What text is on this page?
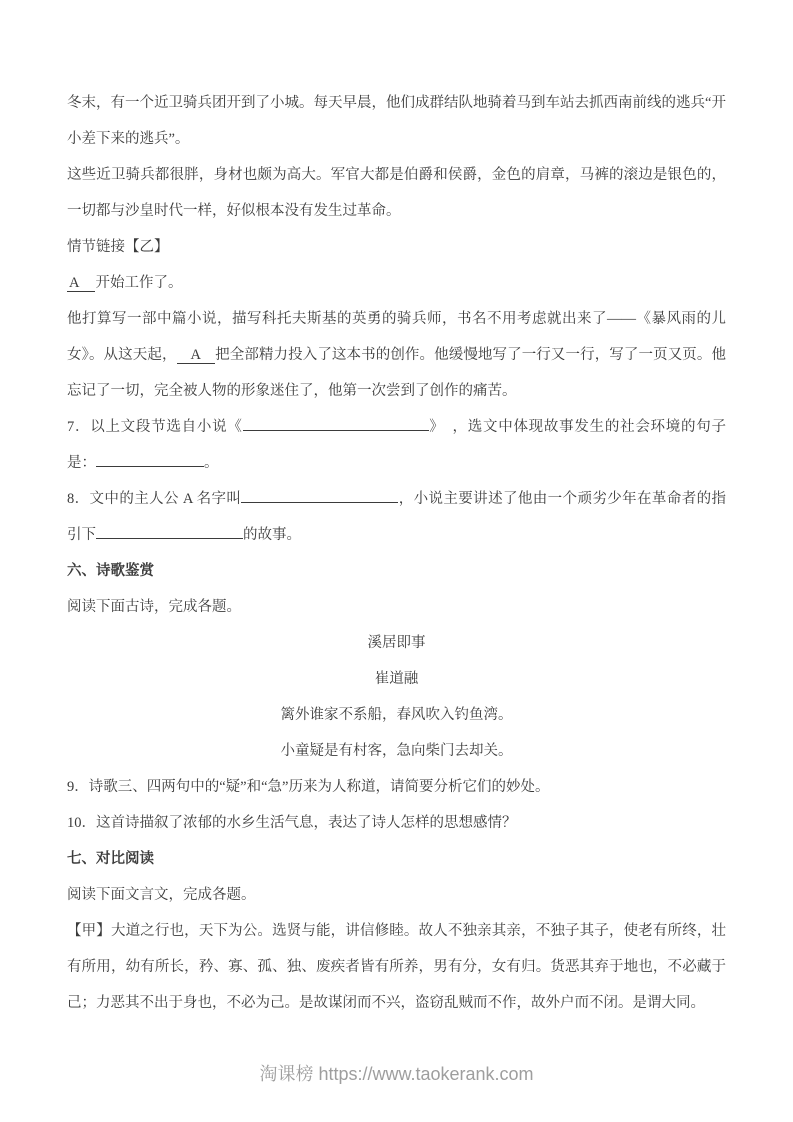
冬末，有一个近卫骑兵团开到了小城。每天早晨，他们成群结队地骑着马到车站去抓西南前线的逃兵“开小差下来的逃兵”。

这些近卫骑兵都很胖，身材也颇为高大。军官大都是伯爵和侯爵，金色的肩章，马裤的滚边是银色的，一切都与沙皇时代一样，好似根本没有发生过革命。

情节链接【乙】

A 开始工作了。

他打算写一部中篇小说，描写科托夫斯基的英勇的骑兵师，书名不用考虑就出来了——《暴风雨的儿女》。从这天起， A 把全部精力投入了这本书的创作。他缓慢地写了一行又一行，写了一页又页。他忘记了一切，完全被人物的形象迷住了，他第一次尝到了创作的痛苦。

7．以上文段节选自小说《	》　，选文中体现故事发生的社会环境的句子是：	。

8．文中的主人公 A 名字叫	，小说主要讲述了他由一个顽劣少年在革命者的指引下	的故事。

六、诗歌鉴赏

阅读下面古诗，完成各题。

溪居即事

崔道融

篱外谁家不系船，春风吹入钓鱼湾。

小童疑是有村客，急向柴门去却关。

9．诗歌三、四两句中的“疑”和“急”历来为人称道，请简要分析它们的妙处。

10．这首诗描叙了浓郁的水乡生活气息，表达了诗人怎样的思想感情？

七、对比阅读

阅读下面文言文，完成各题。

【甲】大道之行也，天下为公。选贤与能，讲信修睦。故人不独亲其亲，不独子其子，使老有所终，壮有所用，幼有所长，矜、寡、孤、独、废疾者皆有所养，男有分，女有归。货恶其弃于地也，不必藏于己；力恶其不出于身也，不必为己。是故谋闭而不兴，盗窃乱贼而不作，故外户而不闭。是谓大同。

淘课榜 https://www.taokerank.com
